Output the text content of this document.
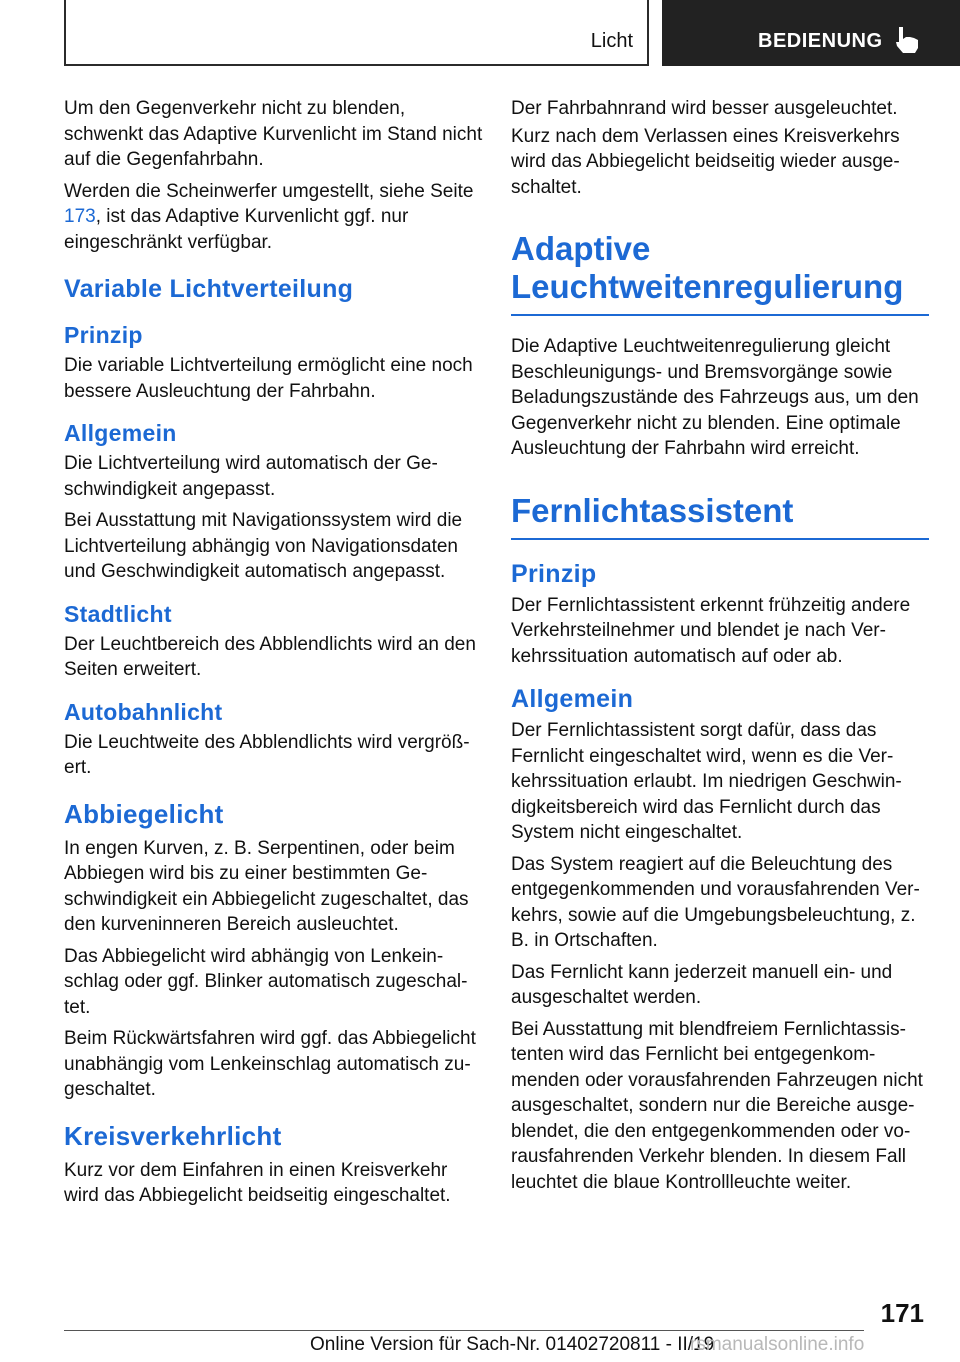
Licht	BEDIENUNG

Um den Gegenverkehr nicht zu blenden, schwenkt das Adaptive Kurvenlicht im Stand nicht auf die Gegenfahrbahn.

Werden die Scheinwerfer umgestellt, siehe Seite 173, ist das Adaptive Kurvenlicht ggf. nur eingeschränkt verfügbar.

Variable Lichtverteilung
Prinzip

Die variable Lichtverteilung ermöglicht eine noch bessere Ausleuchtung der Fahrbahn.

Allgemein

Die Lichtverteilung wird automatisch der Geschwindigkeit angepasst.

Bei Ausstattung mit Navigationssystem wird die Lichtverteilung abhängig von Navigationsdaten und Geschwindigkeit automatisch angepasst.

Stadtlicht

Der Leuchtbereich des Abblendlichts wird an den Seiten erweitert.

Autobahnlicht

Die Leuchtweite des Abblendlichts wird vergrößert.

Abbiegelicht

In engen Kurven, z. B. Serpentinen, oder beim Abbiegen wird bis zu einer bestimmten Geschwindigkeit ein Abbiegelicht zugeschaltet, das den kurveninneren Bereich ausleuchtet.

Das Abbiegelicht wird abhängig von Lenkeinschlag oder ggf. Blinker automatisch zugeschaltet.

Beim Rückwärtsfahren wird ggf. das Abbiegelicht unabhängig vom Lenkeinschlag automatisch zugeschaltet.

Kreisverkehrlicht

Kurz vor dem Einfahren in einen Kreisverkehr wird das Abbiegelicht beidseitig eingeschaltet.

Der Fahrbahnrand wird besser ausgeleuchtet.

Kurz nach dem Verlassen eines Kreisverkehrs wird das Abbiegelicht beidseitig wieder ausgeschaltet.

Adaptive Leuchtweitenregulierung

Die Adaptive Leuchtweitenregulierung gleicht Beschleunigungs- und Bremsvorgänge sowie Beladungszustände des Fahrzeugs aus, um den Gegenverkehr nicht zu blenden. Eine optimale Ausleuchtung der Fahrbahn wird erreicht.

Fernlichtassistent
Prinzip

Der Fernlichtassistent erkennt frühzeitig andere Verkehrsteilnehmer und blendet je nach Verkehrssituation automatisch auf oder ab.

Allgemein

Der Fernlichtassistent sorgt dafür, dass das Fernlicht eingeschaltet wird, wenn es die Verkehrssituation erlaubt. Im niedrigen Geschwindigkeitsbereich wird das Fernlicht durch das System nicht eingeschaltet.

Das System reagiert auf die Beleuchtung des entgegenkommenden und vorausfahrenden Verkehrs, sowie auf die Umgebungsbeleuchtung, z. B. in Ortschaften.

Das Fernlicht kann jederzeit manuell ein- und ausgeschaltet werden.

Bei Ausstattung mit blendfreiem Fernlichtassistenten wird das Fernlicht bei entgegenkommenden oder vorausfahrenden Fahrzeugen nicht ausgeschaltet, sondern nur die Bereiche ausgeblendet, die den entgegenkommenden oder vorausfahrenden Verkehr blenden. In diesem Fall leuchtet die blaue Kontrollleuchte weiter.

171
Online Version für Sach-Nr. 01402720811 - II/19
rsmanualsonline.info
